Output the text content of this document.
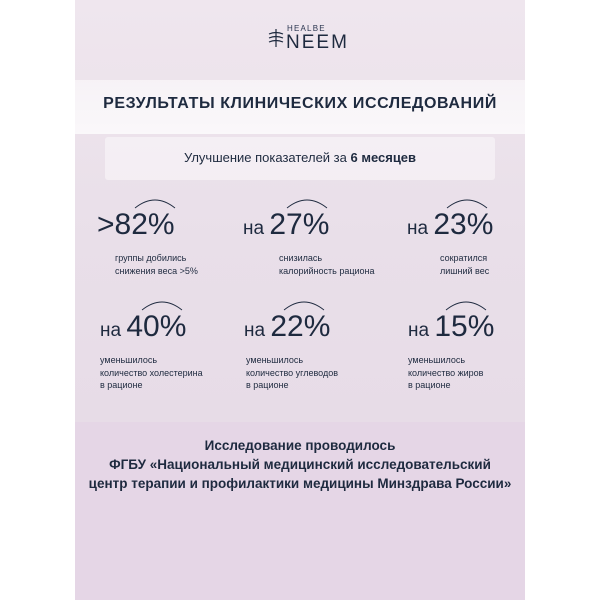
HEALBE
NEEM
РЕЗУЛЬТАТЫ КЛИНИЧЕСКИХ ИССЛЕДОВАНИЙ
Улучшение показателей за 6 месяцев
>82%
группы добились
снижения веса >5%
на 27%
снизилась
калорийность рациона
на 23%
сократился
лишний вес
на 40%
уменьшилось
количество холестерина
в рационе
на 22%
уменьшилось
количество углеводов
в рационе
на 15%
уменьшилось
количество жиров
в рационе
Исследование проводилось
ФГБУ «Национальный медицинский исследовательский
центр терапии и профилактики медицины Минздрава России»
